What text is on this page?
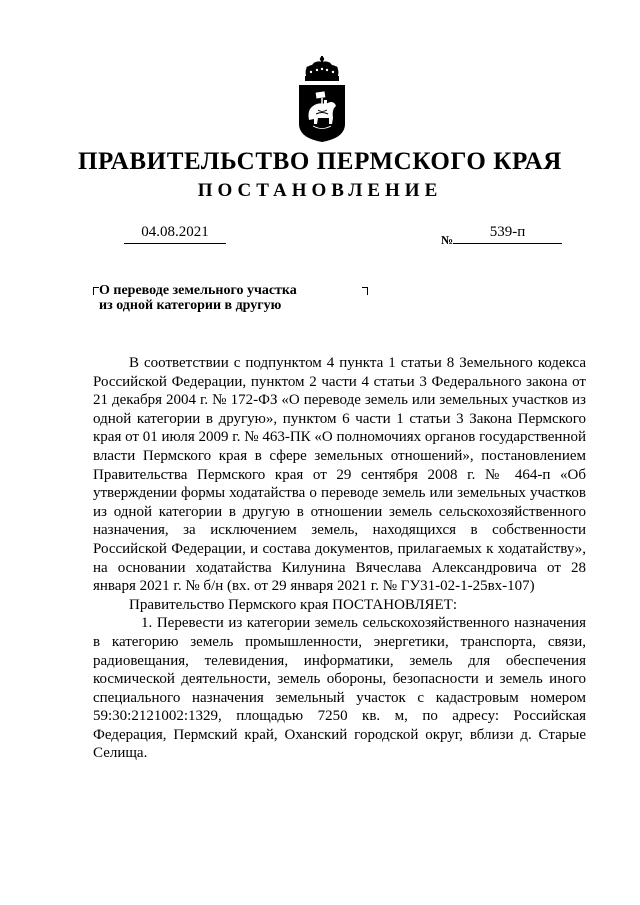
ПРАВИТЕЛЬСТВО ПЕРМСКОГО КРАЯ
ПОСТАНОВЛЕНИЕ
04.08.2021	№	539-п
О переводе земельного участка
из одной категории в другую

В соответствии с подпунктом 4 пункта 1 статьи 8 Земельного кодекса Российской Федерации, пунктом 2 части 4 статьи 3 Федерального закона от 21 декабря 2004 г. № 172-ФЗ «О переводе земель или земельных участков из одной категории в другую», пунктом 6 части 1 статьи 3 Закона Пермского края от 01 июля 2009 г. № 463-ПК «О полномочиях органов государственной власти Пермского края в сфере земельных отношений», постановлением Правительства Пермского края от 29 сентября 2008 г. № 464-п «Об утверждении формы ходатайства о переводе земель или земельных участков из одной категории в другую в отношении земель сельскохозяйственного назначения, за исключением земель, находящихся в собственности Российской Федерации, и состава документов, прилагаемых к ходатайству», на основании ходатайства Килунина Вячеслава Александровича от 28 января 2021 г. № б/н (вх. от 29 января 2021 г. № ГУ31-02-1-25вх-107)

Правительство Пермского края ПОСТАНОВЛЯЕТ:

1. Перевести из категории земель сельскохозяйственного назначения в категорию земель промышленности, энергетики, транспорта, связи, радиовещания, телевидения, информатики, земель для обеспечения космической деятельности, земель обороны, безопасности и земель иного специального назначения земельный участок с кадастровым номером 59:30:2121002:1329, площадью 7250 кв. м, по адресу: Российская Федерация, Пермский край, Оханский городской округ, вблизи д. Старые Селища.
